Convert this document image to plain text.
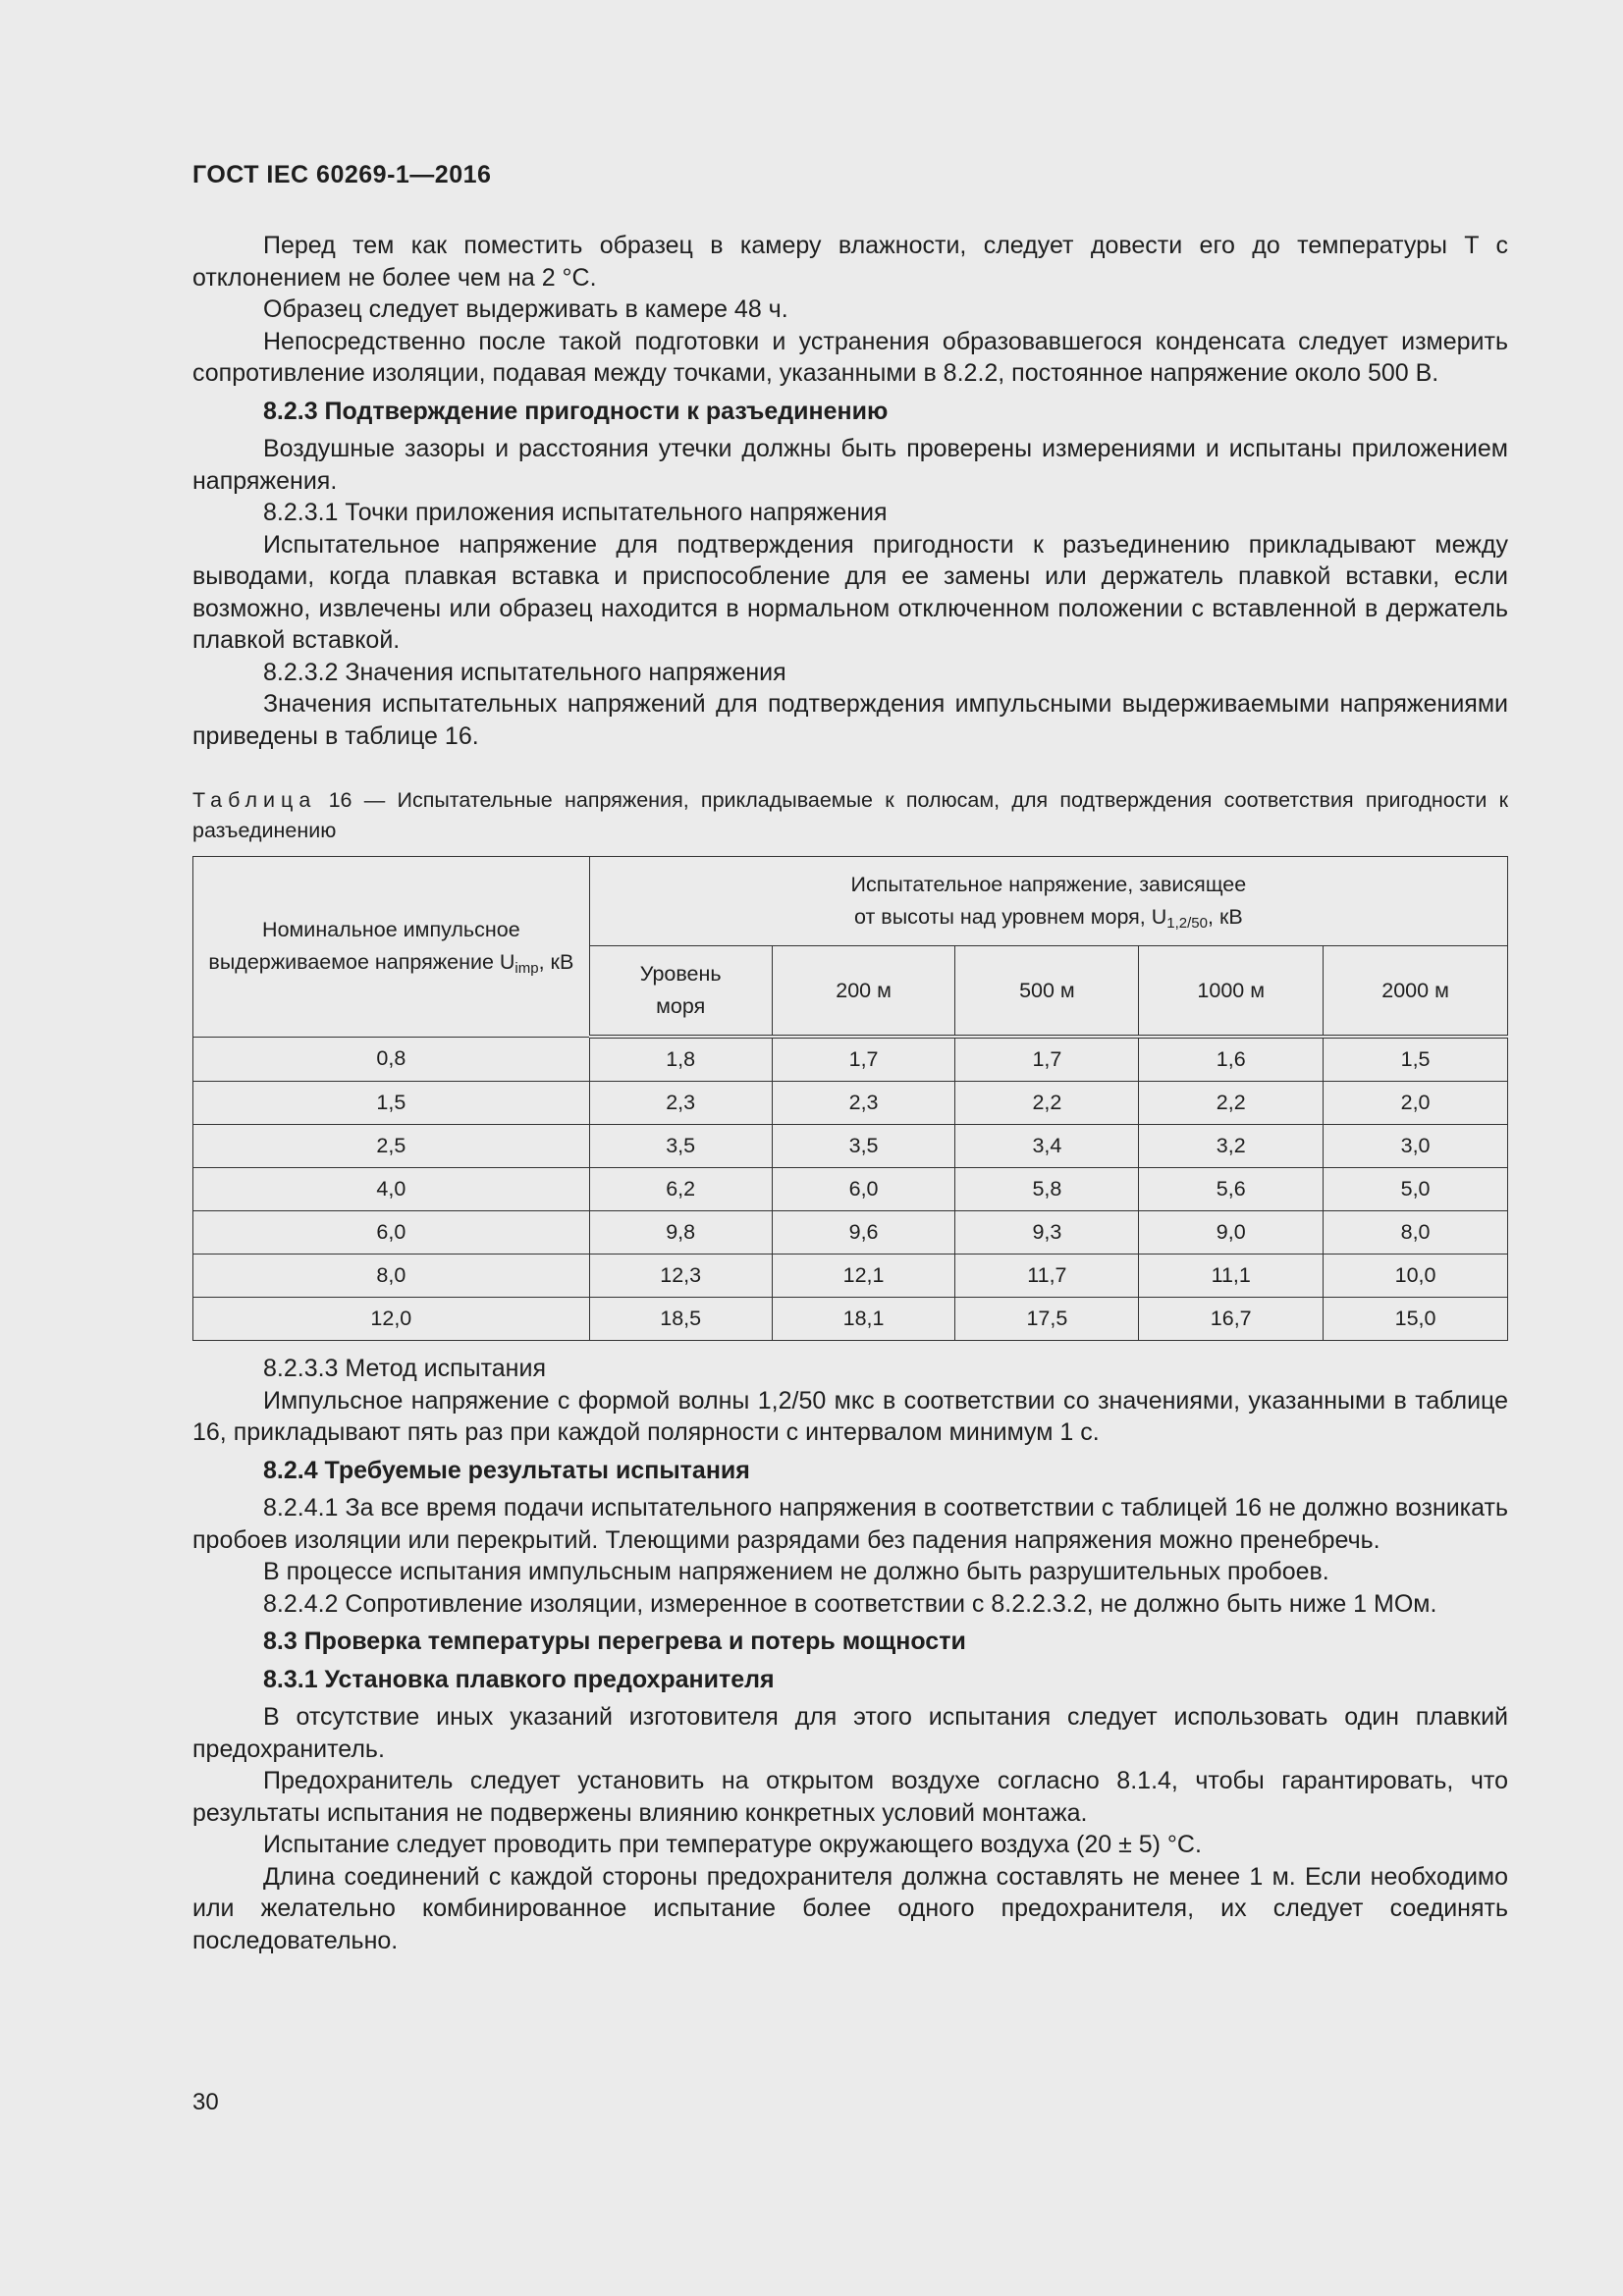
ГОСТ IEC 60269-1—2016

Перед тем как поместить образец в камеру влажности, следует довести его до температуры T с отклонением не более чем на 2 °С.

Образец следует выдерживать в камере 48 ч.

Непосредственно после такой подготовки и устранения образовавшегося конденсата следует измерить сопротивление изоляции, подавая между точками, указанными в 8.2.2, постоянное напряжение около 500 В.

8.2.3 Подтверждение пригодности к разъединению

Воздушные зазоры и расстояния утечки должны быть проверены измерениями и испытаны приложением напряжения.

8.2.3.1 Точки приложения испытательного напряжения

Испытательное напряжение для подтверждения пригодности к разъединению прикладывают между выводами, когда плавкая вставка и приспособление для ее замены или держатель плавкой вставки, если возможно, извлечены или образец находится в нормальном отключенном положении с вставленной в держатель плавкой вставкой.

8.2.3.2 Значения испытательного напряжения

Значения испытательных напряжений для подтверждения импульсными выдерживаемыми напряжениями приведены в таблице 16.

Таблица 16 — Испытательные напряжения, прикладываемые к полюсам, для подтверждения соответствия пригодности к разъединению
Номинальное импульсное
выдерживаемое напряжение $U_{imp}$, кВ	Испытательное напряжение, зависящее
от высоты над уровнем моря, $U_{1,2/50}$, кВ				
	Уровень моря	200 м	500 м	1000 м	2000 м
0,8	1,8	1,7	1,7	1,6	1,5
1,5	2,3	2,3	2,2	2,2	2,0
2,5	3,5	3,5	3,4	3,2	3,0
4,0	6,2	6,0	5,8	5,6	5,0
6,0	9,8	9,6	9,3	9,0	8,0
8,0	12,3	12,1	11,7	11,1	10,0
12,0	18,5	18,1	17,5	16,7	15,0
8.2.3.3 Метод испытания

Импульсное напряжение с формой волны 1,2/50 мкс в соответствии со значениями, указанными в таблице 16, прикладывают пять раз при каждой полярности с интервалом минимум 1 с.

8.2.4 Требуемые результаты испытания

8.2.4.1 За все время подачи испытательного напряжения в соответствии с таблицей 16 не должно возникать пробоев изоляции или перекрытий. Тлеющими разрядами без падения напряжения можно пренебречь.

В процессе испытания импульсным напряжением не должно быть разрушительных пробоев.

8.2.4.2 Сопротивление изоляции, измеренное в соответствии с 8.2.2.3.2, не должно быть ниже 1 МОм.

8.3 Проверка температуры перегрева и потерь мощности
8.3.1 Установка плавкого предохранителя

В отсутствие иных указаний изготовителя для этого испытания следует использовать один плавкий предохранитель.

Предохранитель следует установить на открытом воздухе согласно 8.1.4, чтобы гарантировать, что результаты испытания не подвержены влиянию конкретных условий монтажа.

Испытание следует проводить при температуре окружающего воздуха (20 ± 5) °С.

Длина соединений с каждой стороны предохранителя должна составлять не менее 1 м. Если необходимо или желательно комбинированное испытание более одного предохранителя, их следует соединять последовательно.

30
